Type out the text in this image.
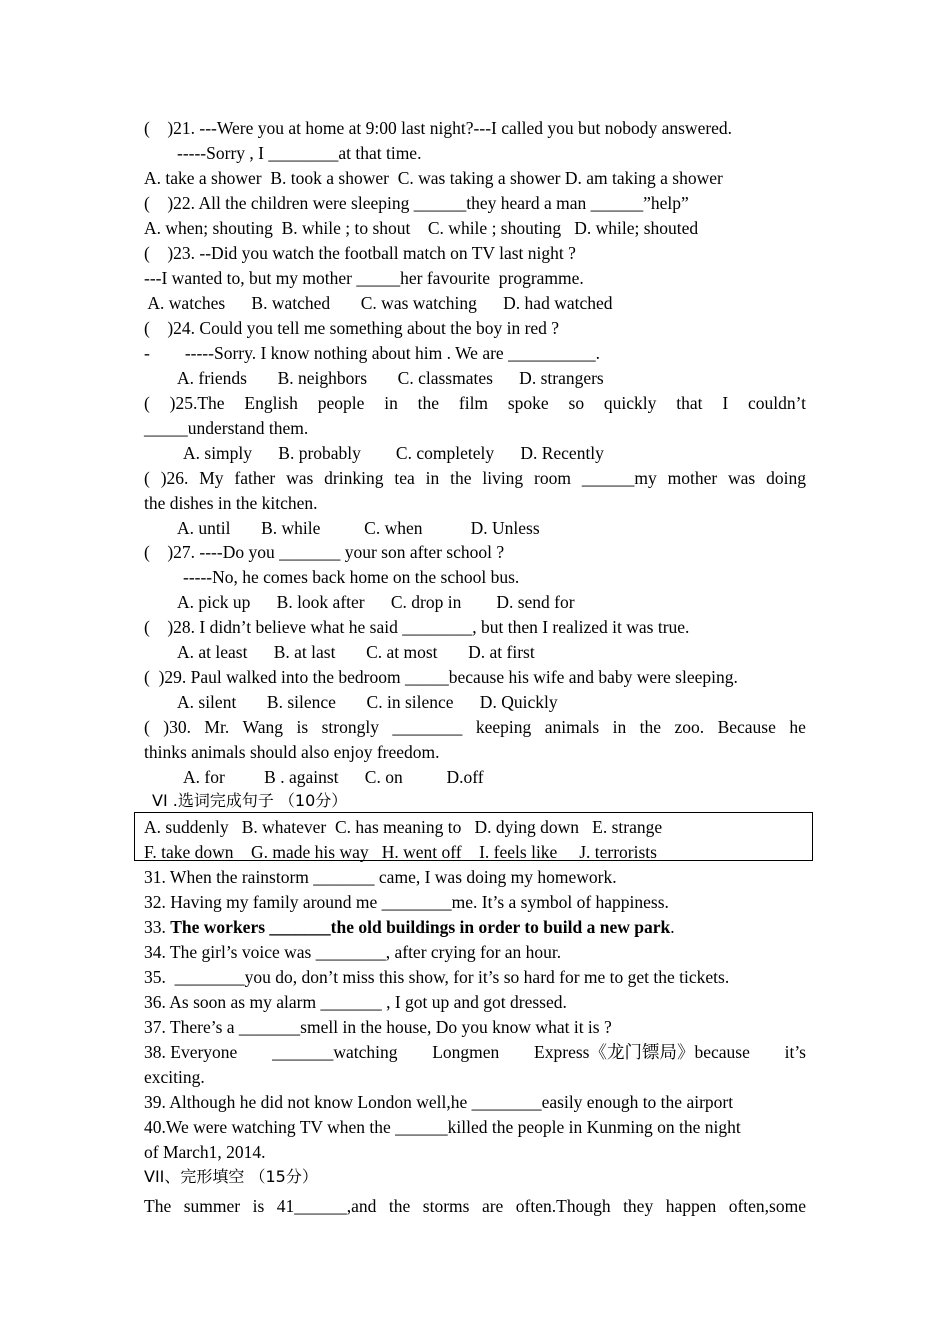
(    )21. ---Were you at home at 9:00 last night?---I called you but nobody answered.
-----Sorry , I ________at that time.
A. take a shower  B. took a shower  C. was taking a shower D. am taking a shower
(    )22. All the children were sleeping ______they heard a man ______”help”
A. when; shouting  B. while ; to shout    C. while ; shouting   D. while; shouted
(    )23. --Did you watch the football match on TV last night ?
---I wanted to, but my mother _____her favourite  programme.
A. watches      B. watched       C. was watching      D. had watched
(    )24. Could you tell me something about the boy in red ?
-        -----Sorry. I know nothing about him . We are __________.
A. friends       B. neighbors       C. classmates      D. strangers
( )25.The English people in the film spoke so quickly that I couldn’t
_____understand them.
A. simply      B. probably        C. completely      D. Recently
( )26. My father was drinking tea in the living room ______my mother was doing
the dishes in the kitchen.
A. until       B. while          C. when           D. Unless
(    )27. ----Do you _______ your son after school ?
-----No, he comes back home on the school bus.
A. pick up      B. look after      C. drop in        D. send for
(    )28. I didn’t believe what he said ________, but then I realized it was true.
A. at least      B. at last       C. at most       D. at first
(  )29. Paul walked into the bedroom _____because his wife and baby were sleeping.
A. silent       B. silence       C. in silence      D. Quickly
( )30. Mr. Wang is strongly ________ keeping animals in the zoo. Because he
thinks animals should also enjoy freedom.
A. for         B . against      C. on          D.off
VI .选词完成句子 （10分）
A. suddenly   B. whatever  C. has meaning to   D. dying down   E. strange
F. take down    G. made his way   H. went off    I. feels like     J. terrorists
31. When the rainstorm _______ came, I was doing my homework.
32. Having my family around me ________me. It’s a symbol of happiness.
33. The workers _______the old buildings in order to build a new park.
34. The girl’s voice was ________, after crying for an hour.
35.  ________you do, don’t miss this show, for it’s so hard for me to get the tickets.
36. As soon as my alarm _______ , I got up and got dressed.
37. There’s a _______smell in the house, Do you know what it is ?
38. Everyone _______watching Longmen Express《龙门镖局》because it’s
exciting.
39. Although he did not know London well,he ________easily enough to the airport
40.We were watching TV when the ______killed the people in Kunming on the night
of March1, 2014.
VII、完形填空 （15分）
The summer is 41______,and the storms are often.Though they happen often,some
